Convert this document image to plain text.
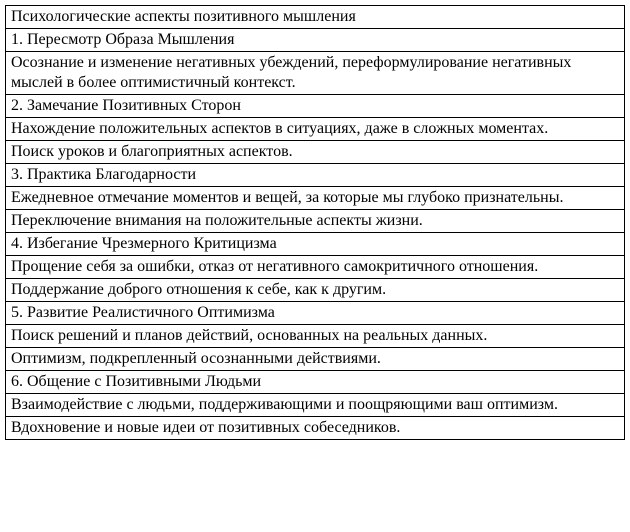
Психологические аспекты позитивного мышления
1. Пересмотр Образа Мышления
Осознание и изменение негативных убеждений, переформулирование негативных
мыслей в более оптимистичный контекст.
2. Замечание Позитивных Сторон
Нахождение положительных аспектов в ситуациях, даже в сложных моментах.
Поиск уроков и благоприятных аспектов.
3. Практика Благодарности
Ежедневное отмечание моментов и вещей, за которые мы глубоко признательны.
Переключение внимания на положительные аспекты жизни.
4. Избегание Чрезмерного Критицизма
Прощение себя за ошибки, отказ от негативного самокритичного отношения.
Поддержание доброго отношения к себе, как к другим.
5. Развитие Реалистичного Оптимизма
Поиск решений и планов действий, основанных на реальных данных.
Оптимизм, подкрепленный осознанными действиями.
6. Общение с Позитивными Людьми
Взаимодействие с людьми, поддерживающими и поощряющими ваш оптимизм.
Вдохновение и новые идеи от позитивных собеседников.
